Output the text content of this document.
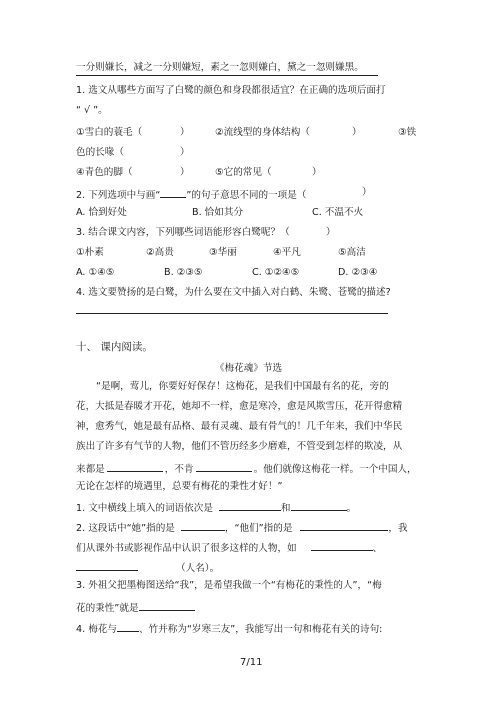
一分则嫌长，减之一分则嫌短，素之一忽则嫌白，黛之一忽则嫌黑。
1. 选文从哪些方面写了白鹭的颜色和身段都很适宜？在正确的选项后面打
“ √ ”。
①雪白的蓑毛（	）	②流线型的身体结构（	）	③铁
色的长喙（	）
④青色的脚（	）	⑤它的常见（	）
2. 下列选项中与画“	”的句子意思不同的一项是（	）
A. 恰到好处	B. 恰如其分	C. 不温不火
3. 结合课文内容，下列哪些词语能形容白鹭呢？（	）
①朴素	②高贵	③华丽	④平凡	⑤高洁
A. ①④⑤	B. ②③⑤	C. ①②④⑤	D. ②③④
4. 选文要赞扬的是白鹭，为什么要在文中插入对白鹤、朱鹭、苍鹭的描述?
十、 课内阅读。
《梅花魂》节选
“是啊，莺儿，你要好好保存！这梅花，是我们中国最有名的花，旁的
花，大抵是春暖才开花，她却不一样，愈是寒冷，愈是风欺雪压，花开得愈精
神，愈秀气，她是最有品格、最有灵魂、最有骨气的！几千年来，我们中华民
族出了许多有气节的人物，他们不管历经多少磨难，不管受到怎样的欺凌，从
来都是	，不肯	。他们就像这梅花一样。一个中国人，
无论在怎样的境遇里，总要有梅花的秉性才好！”
1. 文中横线上填入的词语依次是	和	。
2. 这段话中“她”指的是	，“他们”指的是	，我
们从课外书或影视作品中认识了很多这样的人物，如	、
（人名）。
3. 外祖父把墨梅图送给“我”，是希望我做一个“有梅花的秉性的人”，“梅
花的秉性”就是
4. 梅花与 、竹并称为“岁寒三友”，我能写出一句和梅花有关的诗句:
7/11
